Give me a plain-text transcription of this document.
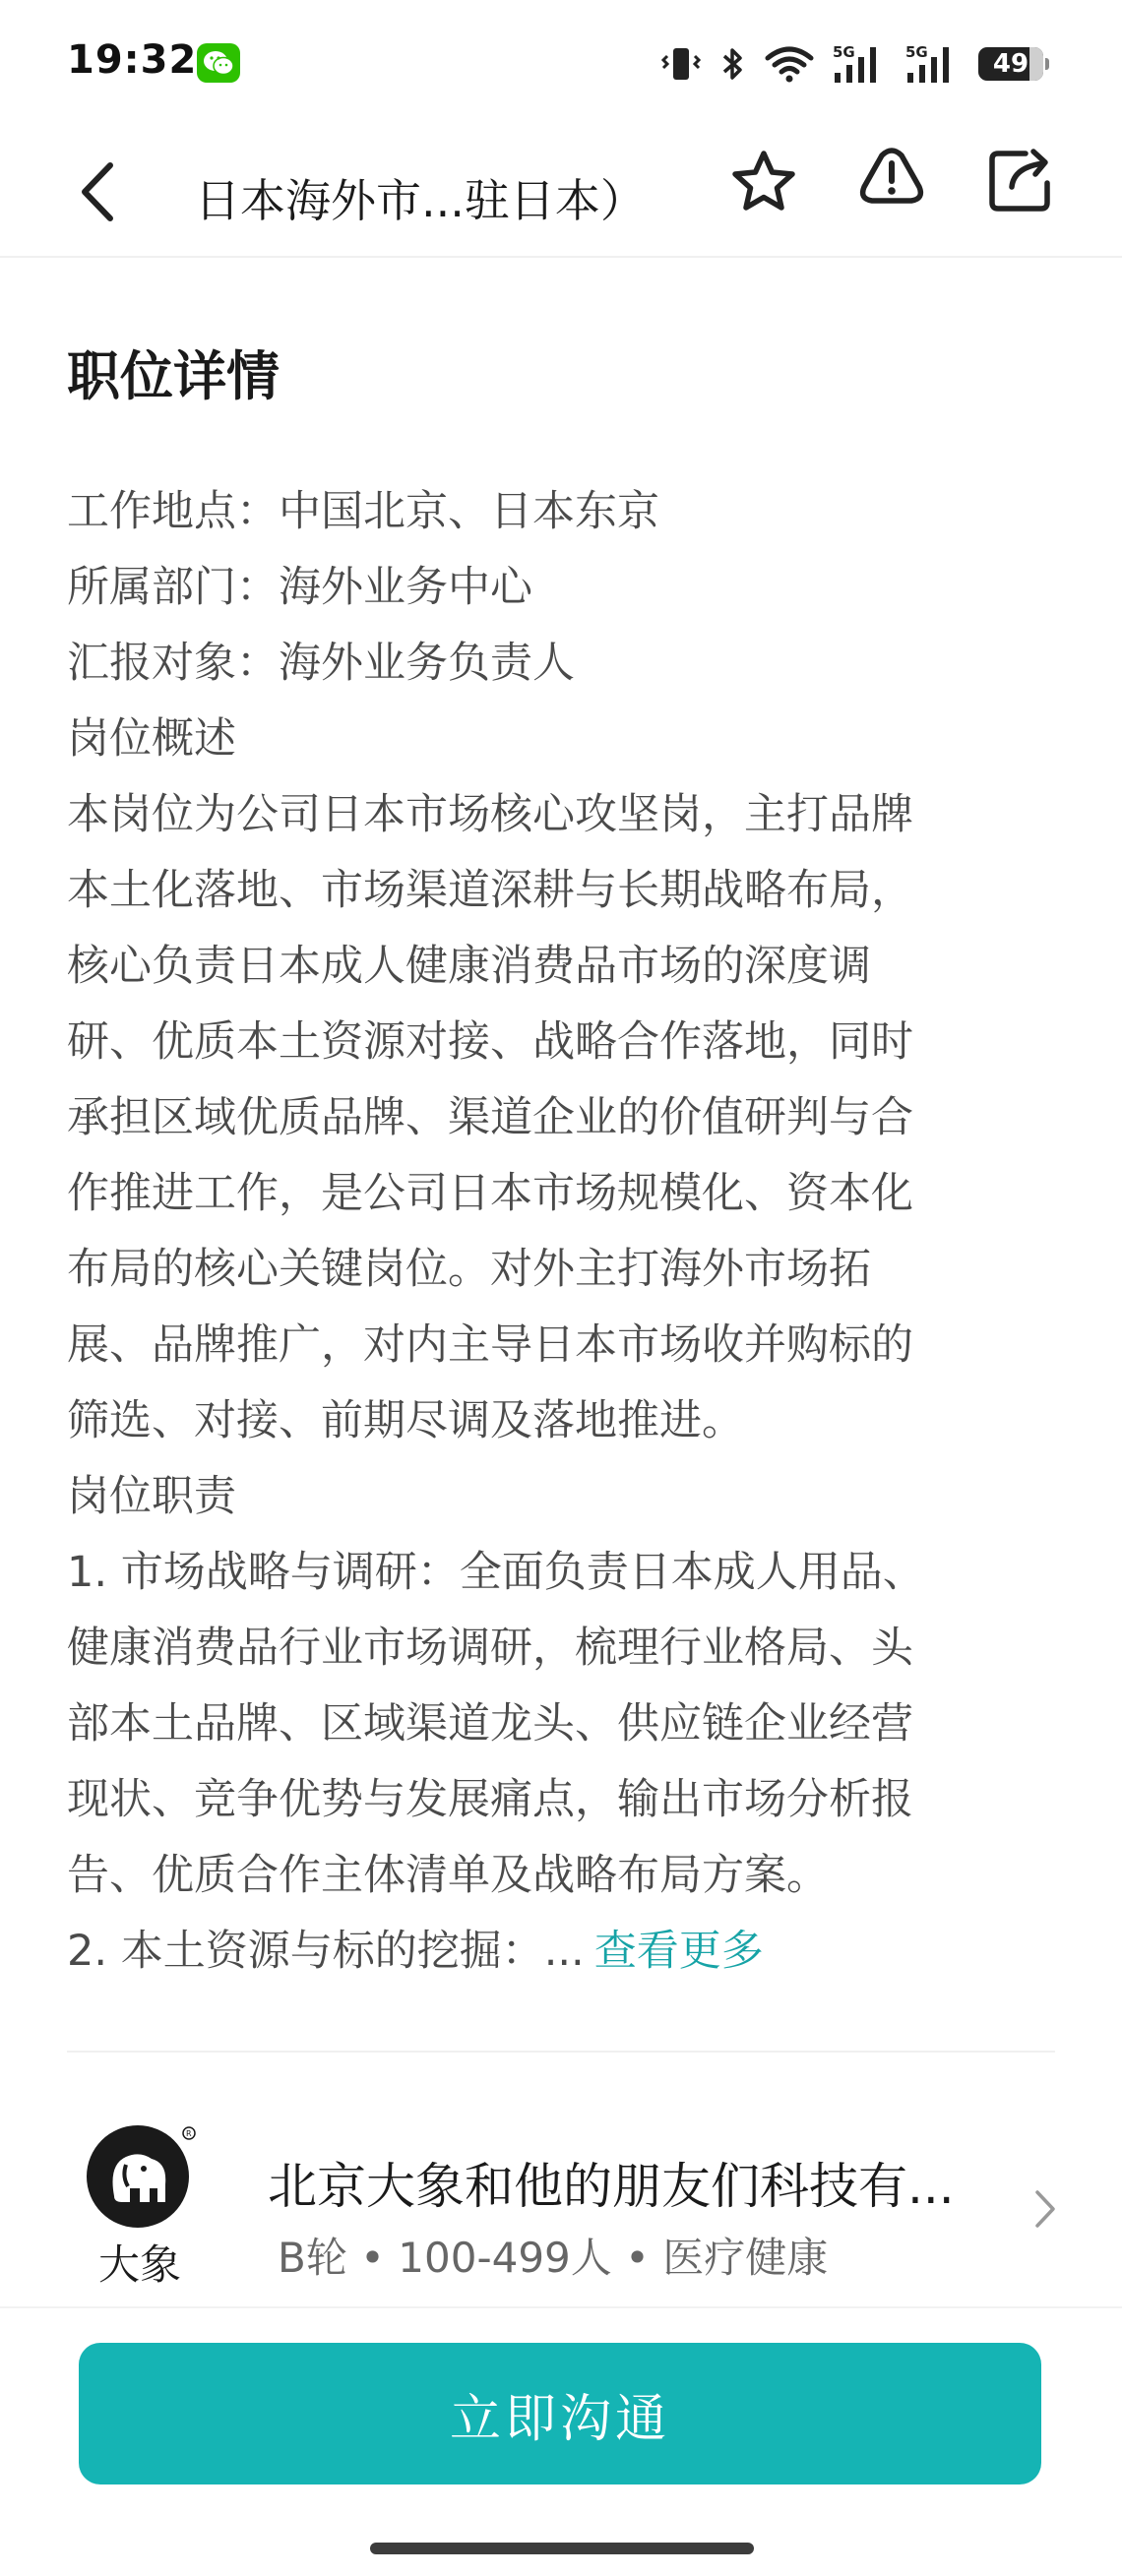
19:32	5G	5G	49
日本海外市...驻日本）
职位详情
工作地点：中国北京、日本东京
所属部门：海外业务中心
汇报对象：海外业务负责人
岗位概述
本岗位为公司日本市场核心攻坚岗，主打品牌
本土化落地、市场渠道深耕与长期战略布局，
核心负责日本成人健康消费品市场的深度调
研、优质本土资源对接、战略合作落地，同时
承担区域优质品牌、渠道企业的价值研判与合
作推进工作，是公司日本市场规模化、资本化
布局的核心关键岗位。对外主打海外市场拓
展、品牌推广，对内主导日本市场收并购标的
筛选、对接、前期尽调及落地推进。
岗位职责
1. 市场战略与调研：全面负责日本成人用品、
健康消费品行业市场调研，梳理行业格局、头
部本土品牌、区域渠道龙头、供应链企业经营
现状、竞争优势与发展痛点，输出市场分析报
告、优质合作主体清单及战略布局方案。
2. 本土资源与标的挖掘：... 查看更多
R
大象
北京大象和他的朋友们科技有...
B轮 • 100-499人 • 医疗健康
立即沟通
